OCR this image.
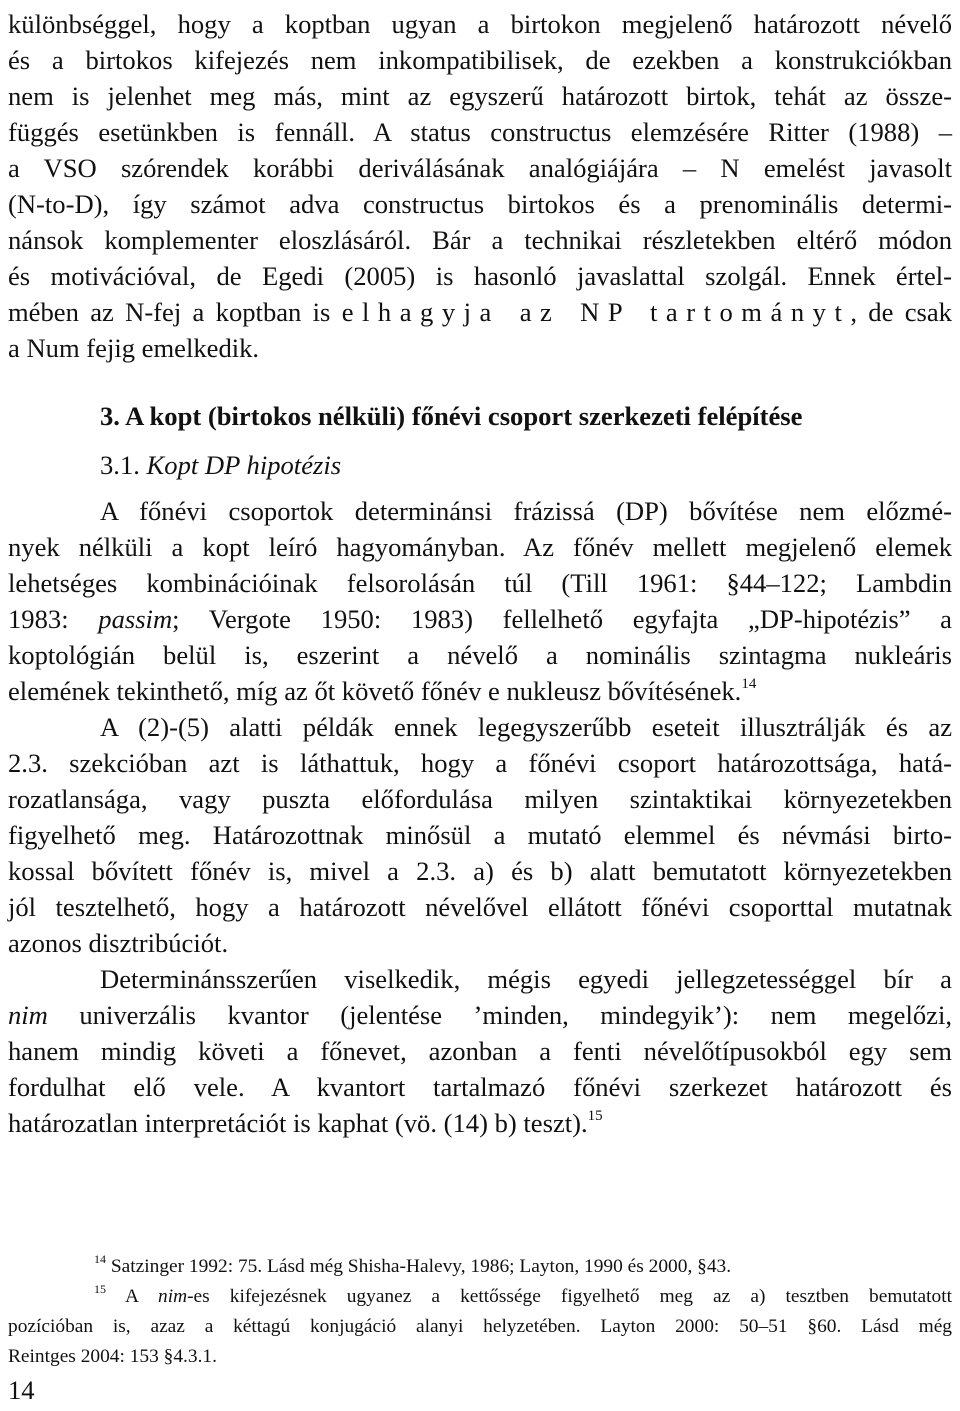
különbséggel, hogy a koptban ugyan a birtokon megjelenő határozott névelő
és a birtokos kifejezés nem inkompatibilisek, de ezekben a konstrukciókban
nem is jelenhet meg más, mint az egyszerű határozott birtok, tehát az össze-
függés esetünkben is fennáll. A status constructus elemzésére Ritter (1988) –
a VSO szórendek korábbi deriválásának analógiájára – N emelést javasolt
(N-to-D), így számot adva constructus birtokos és a prenominális determi-
nánsok komplementer eloszlásáról. Bár a technikai részletekben eltérő módon
és motivációval, de Egedi (2005) is hasonló javaslattal szolgál. Ennek értel-
mében az N-fej a koptban is elhagyja az NP tartományt, de csak
a Num fejig emelkedik.
3. A kopt (birtokos nélküli) főnévi csoport szerkezeti felépítése
3.1. Kopt DP hipotézis
A főnévi csoportok determinánsi frázissá (DP) bővítése nem előzmé-
nyek nélküli a kopt leíró hagyományban. Az főnév mellett megjelenő elemek
lehetséges kombinációinak felsorolásán túl (Till 1961: §44–122; Lambdin
1983: passim; Vergote 1950: 1983) fellelhető egyfajta „DP-hipotézis” a
koptológián belül is, eszerint a névelő a nominális szintagma nukleáris
elemének tekinthető, míg az őt követő főnév e nukleusz bővítésének.$^{14}$
A (2)-(5) alatti példák ennek legegyszerűbb eseteit illusztrálják és az
2.3. szekcióban azt is láthattuk, hogy a főnévi csoport határozottsága, hatá-
rozatlansága, vagy puszta előfordulása milyen szintaktikai környezetekben
figyelhető meg. Határozottnak minősül a mutató elemmel és névmási birto-
kossal bővített főnév is, mivel a 2.3. a) és b) alatt bemutatott környezetekben
jól tesztelhető, hogy a határozott névelővel ellátott főnévi csoporttal mutatnak
azonos disztribúciót.
Determinánsszerűen viselkedik, mégis egyedi jellegzetességgel bír a
nim univerzális kvantor (jelentése ’minden, mindegyik’): nem megelőzi,
hanem mindig követi a főnevet, azonban a fenti névelőtípusokból egy sem
fordulhat elő vele. A kvantort tartalmazó főnévi szerkezet határozott és
határozatlan interpretációt is kaphat (vö. (14) b) teszt).$^{15}$
$^{14}$ Satzinger 1992: 75. Lásd még Shisha-Halevy, 1986; Layton, 1990 és 2000, §43.
$^{15}$ A nim-es kifejezésnek ugyanez a kettőssége figyelhető meg az a) tesztben bemutatott
pozícióban is, azaz a kéttagú konjugáció alanyi helyzetében. Layton 2000: 50–51 §60. Lásd még
Reintges 2004: 153 §4.3.1.
14
